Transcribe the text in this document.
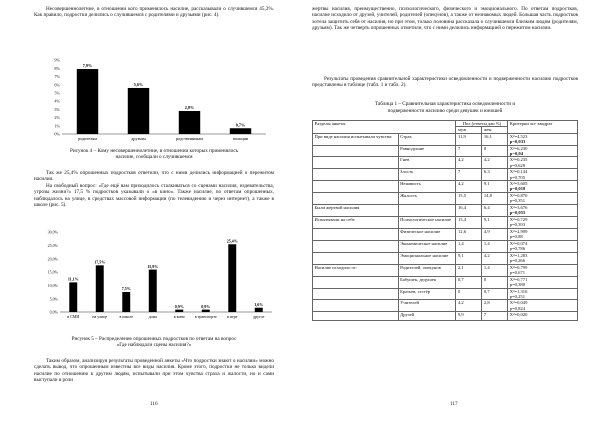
Несовершеннолетние, в отношении кого применялось насилие, рассказывали о случившемся 45,3%. Как правило, подростки делились о случившемся с родителями и друзьями (рис. 4).
0%
1%
2%
3%
4%
5%
6%
7%
8%
9%
7,9%
родителям
5,6%
друзьям
2,8%
родственникам
0,7%
полиции
Рисунок 4 – Кому несовершеннолетние, в отношении которых применялось
насилие, сообщали о случившемся
Так же 25,4% опрошенных подростков ответили, что с ними делились информацией о пережитом насилии.
На свободный вопрос: «Где ещё вам приходилось сталкиваться со сценами насилия, издевательства, угрозы жизни?» 17,5 % подростков указывали о «в кино». Также насилие, по ответам опрошенных, наблюдалось на улице, в средствах массовой информации (по телевидению и через интернет), а также в школе (рис. 5).
0,0%
5,0%
10,0%
15,0%
20,0%
25,0%
30,0%
11,1%
в СМИ
17,5%
на улице
7,5%
в школе
15,9%
дома
0,9%
в кино
0,9%
в транспорте
25,4%
в игре
1,6%
другое
Рисунок 5 – Распределение опрошенных подростков по ответам на вопрос
«Где наблюдали сцены насилия?»
Таким образом, анализируя результаты проведенной анкеты «Что подростки знают о насилии» можно сделать вывод, что опрошенным известны все виды насилия. Кроме этого, подростки не только видели насилие по отношению к другим людям, испытывали при этом чувства страха и жалости, но и сами выступали в роли
116
жертвы насилия, преимущественно, психологического, физического и эмоционального. По ответам подростков, насилие исходило от друзей, учителей, родителей (опекунов), а также от незнакомых людей. Большая часть подростков хотела защитить себя от насилия, но при этом, только половина рассказала о случившемся близким людям (родителям, друзьям). Так же четверть опрошенных отметили, что с ними делились информацией о пережитом насилии.
Результаты проведения сравнительной характеристики осведомленности и подверженности насилию подростков представлены в таблице (табл. 1 и табл. 2).
Таблица 1 – Сравнительная характеристика осведомленности и
подверженности насилию среди девушек и юношей
Разделы анкеты		Пол (ответы дан %)		Критерии хи- квадрат
		муж	жен	
При виде насилия испытывали чувства:	Страх	11,9	16,1	X²=4,523
p=0,033

	Равнодушие	7	0	X²=6,230
p=0,04

	Гнев	4,2	4,2	X²=0,235
p=0,628

	Злость	7	6,3	X²=0,144
p=0,705

	Ненависть	4,2	9,1	X²=5,605
p=0,018

	Жалость	15,5	14,8	X²=0,870
p=0,351

Были жертвой насилия		16,4	6,4	X²=3,676
p=0,055

Испытывали на себе	Психологическое насилие	15,4	9,1	X²=0,729
p=0,393

	Физическое насилие	12,6	4,9	X²=2,909
p=0,88

	Экономическое насилие	1,4	1,4	X²=0,074
p=0,786

	Эмоциональное насилие	9,1	4,2	X²=1,283
p=0,266

Насилие исходило от:	Родителей, опекунов	2,1	1,4	X²=0,799
p=0,671

	Бабушек, дедушек	0,7	0	X²=0,771
p=0,380

	Братьев, сестёр	0	0,7	X²=1,316
p=0,251

	Учителей	4,2	2,8	X²=0,049
p=0,824

	Друзей	9,9	7	X²=0,020
117
